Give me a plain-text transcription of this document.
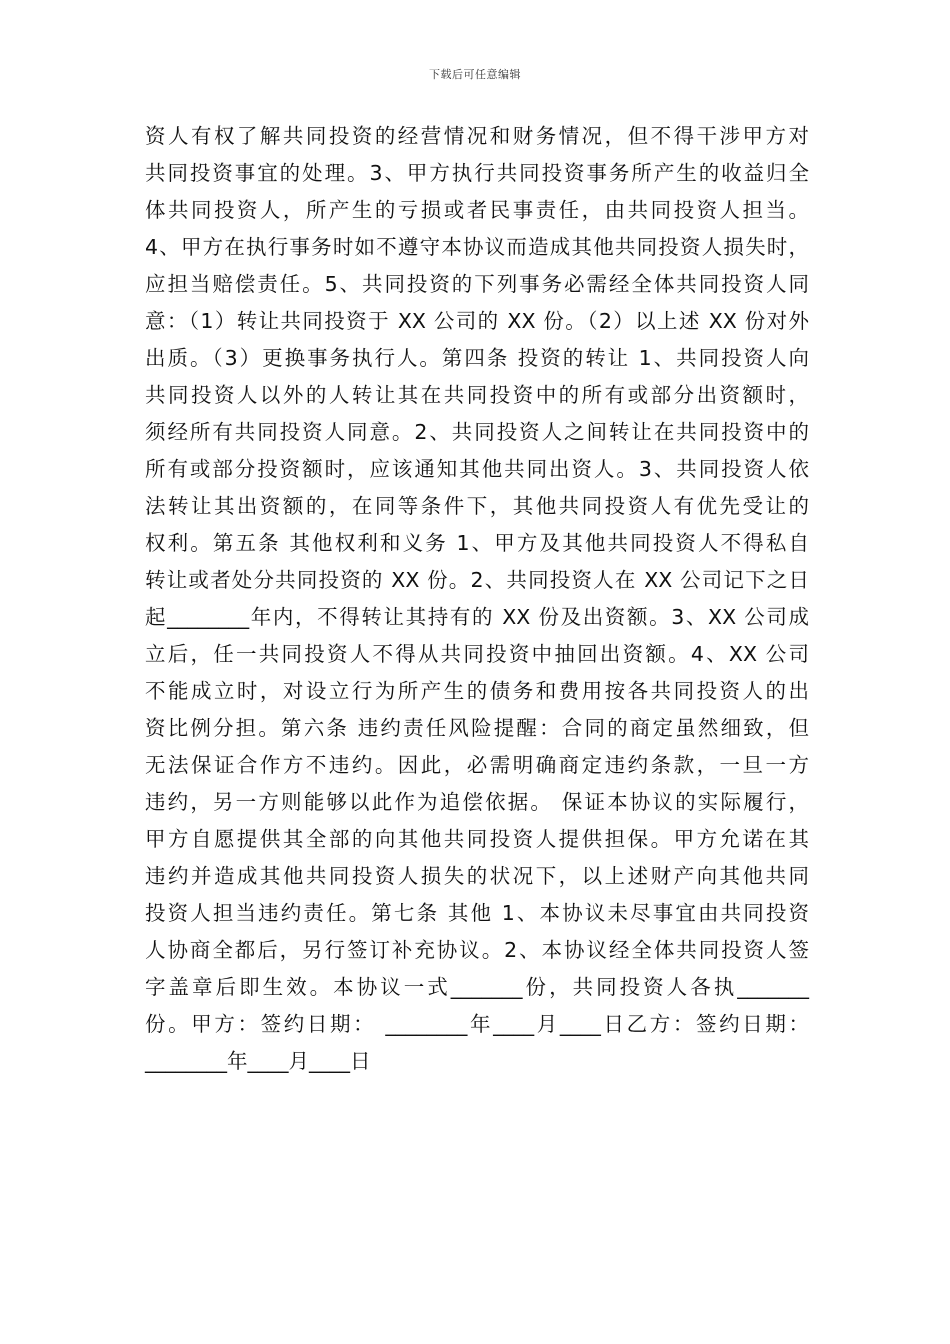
下载后可任意编辑
资人有权了解共同投资的经营情况和财务情况，但不得干涉甲方对
共同投资事宜的处理。3、甲方执行共同投资事务所产生的收益归全
体共同投资人，所产生的亏损或者民事责任，由共同投资人担当。
4、甲方在执行事务时如不遵守本协议而造成其他共同投资人损失时，
应担当赔偿责任。5、共同投资的下列事务必需经全体共同投资人同
意：（1）转让共同投资于 XX 公司的 XX 份。（2）以上述 XX 份对外
出质。（3）更换事务执行人。第四条 投资的转让 1、共同投资人向
共同投资人以外的人转让其在共同投资中的所有或部分出资额时，
须经所有共同投资人同意。2、共同投资人之间转让在共同投资中的
所有或部分投资额时，应该通知其他共同出资人。3、共同投资人依
法转让其出资额的，在同等条件下，其他共同投资人有优先受让的
权利。第五条 其他权利和义务 1、甲方及其他共同投资人不得私自
转让或者处分共同投资的 XX 份。2、共同投资人在 XX 公司记下之日
起________年内，不得转让其持有的 XX 份及出资额。3、XX 公司成
立后，任一共同投资人不得从共同投资中抽回出资额。4、XX 公司
不能成立时，对设立行为所产生的债务和费用按各共同投资人的出
资比例分担。第六条 违约责任风险提醒：合同的商定虽然细致，但
无法保证合作方不违约。因此，必需明确商定违约条款，一旦一方
违约，另一方则能够以此作为追偿依据。 保证本协议的实际履行，
甲方自愿提供其全部的向其他共同投资人提供担保。甲方允诺在其
违约并造成其他共同投资人损失的状况下，以上述财产向其他共同
投资人担当违约责任。第七条 其他 1、本协议未尽事宜由共同投资
人协商全都后，另行签订补充协议。2、本协议经全体共同投资人签
字盖章后即生效。本协议一式_______份，共同投资人各执_______
份。甲方：签约日期： ________年____月____日乙方：签约日期：
________年____月____日
